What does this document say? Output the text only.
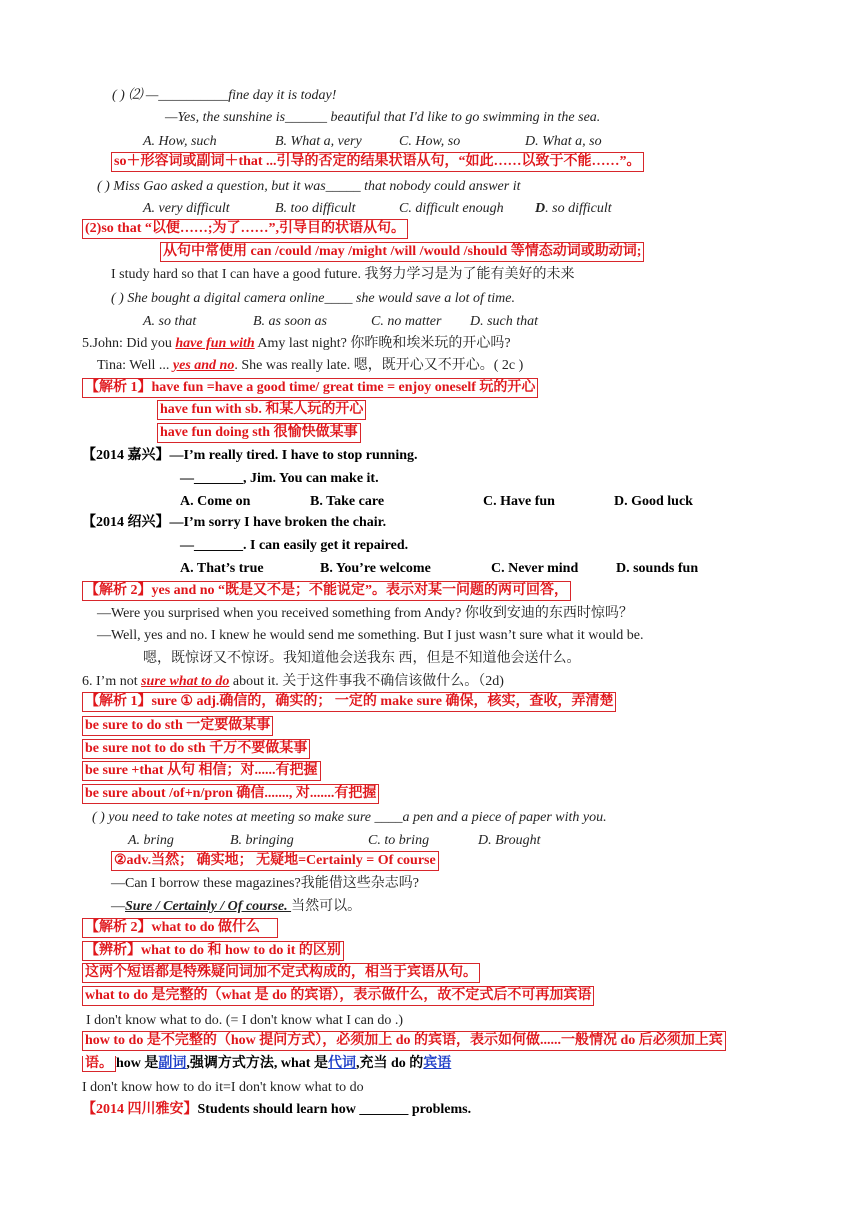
( ) ⑵ —__________fine day it is today!
—Yes, the sunshine is______ beautiful that I'd like to go swimming in the sea.
A. How, such	B. What a, very	C. How, so	D. What a, so
so＋形容词或副词＋that ...引导的否定的结果状语从句，“如此……以致于不能……”。
( ) Miss Gao asked a question, but it was_____ that nobody could answer it
A. very difficult	B. too difficult	C. difficult enough D. so difficult
(2)so that “以便……;为了……”,引导目的状语从句。
从句中常使用 can /could /may /might /will /would /should 等情态动词或助动词;
I study hard so that I can have a good future. 我努力学习是为了能有美好的未来
( ) She bought a digital camera online____ she would save a lot of time.
A. so that	B. as soon as	C. no matter D. such that
5.John: Did you have fun with Amy last night? 你昨晚和埃米玩的开心吗?
Tina: Well ... yes and no. She was really late. 嗯，既开心又不开心。( 2c )
【解析 1】have fun =have a good time/ great time = enjoy oneself 玩的开心
have fun with sb. 和某人玩的开心
have fun doing sth 很愉快做某事
【2014 嘉兴】—I’m really tired. I have to stop running.
—_______, Jim. You can make it.
A. Come on	B. Take care	C. Have fun	D. Good luck
【2014 绍兴】—I’m sorry I have broken the chair.
—_______. I can easily get it repaired.
A. That’s true	B. You’re welcome	C. Never mind	D. sounds fun
【解析 2】yes and no “既是又不是；不能说定”。表示对某一问题的两可回答，
—Were you surprised when you received something from Andy? 你收到安迪的东西时惊吗？
—Well, yes and no. I knew he would send me something. But I just wasn’t sure what it would be.
嗯，既惊讶又不惊讶。我知道他会送我东 西，但是不知道他会送什么。
6. I’m not sure what to do about it. 关于这件事我不确信该做什么。（2d)
【解析 1】sure ① adj.确信的，确实的； 一定的 make sure 确保，核实，查收，弄清楚
be sure to do sth 一定要做某事
be sure not to do sth 千万不要做某事
be sure +that 从句 相信；对......有把握
be sure about /of+n/pron 确信......., 对.......有把握
( ) you need to take notes at meeting so make sure ____a pen and a piece of paper with you.
A. bring	B. bringing	C. to bring	D. Brought
②adv.当然； 确实地； 无疑地=Certainly = Of course
—Can I borrow these magazines?我能借这些杂志吗?
—Sure / Certainly / Of course. 当然可以。
【解析 2】what to do 做什么
【辨析】what to do 和 how to do it 的区别
这两个短语都是特殊疑问词加不定式构成的，相当于宾语从句。
what to do 是完整的（what 是 do 的宾语），表示做什么，故不定式后不可再加宾语
I don't know what to do. (= I don't know what I can do .)
how to do 是不完整的（how 提问方式），必须加上 do 的宾语，表示如何做......一般情况 do 后必须加上宾
语。 how 是副词,强调方式方法, what 是代词,充当 do 的宾语
I don't know how to do it=I don't know what to do
【2014 四川雅安】Students should learn how _______ problems.
